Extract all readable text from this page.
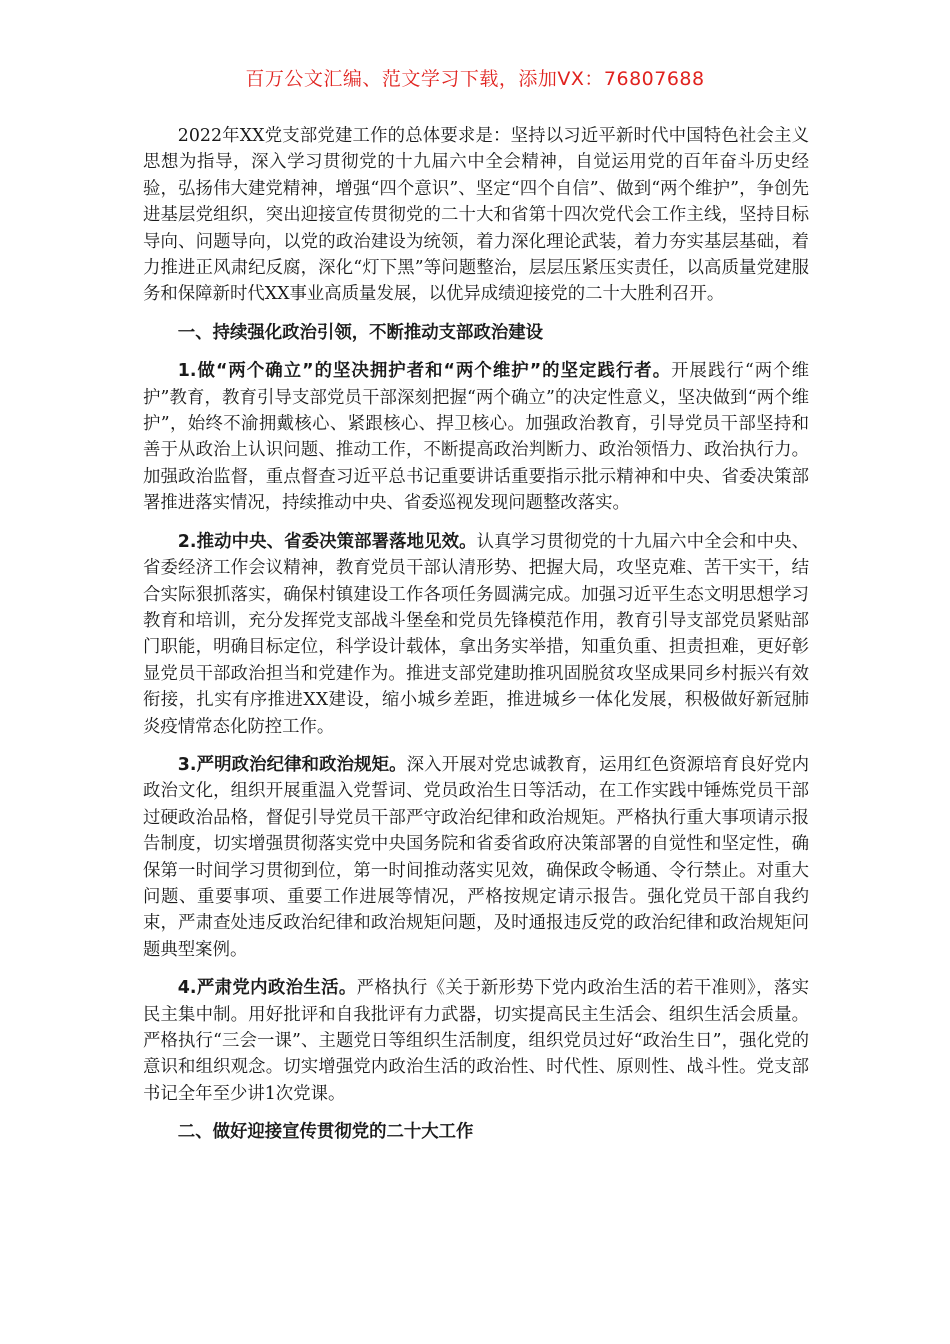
百万公文汇编、范文学习下载，添加VX：76807688

2022年XX党支部党建工作的总体要求是：坚持以习近平新时代中国特色社会主义思想为指导，深入学习贯彻党的十九届六中全会精神，自觉运用党的百年奋斗历史经验，弘扬伟大建党精神，增强“四个意识”、坚定“四个自信”、做到“两个维护”，争创先进基层党组织，突出迎接宣传贯彻党的二十大和省第十四次党代会工作主线，坚持目标导向、问题导向，以党的政治建设为统领，着力深化理论武装，着力夯实基层基础，着力推进正风肃纪反腐，深化“灯下黑”等问题整治，层层压紧压实责任，以高质量党建服务和保障新时代XX事业高质量发展，以优异成绩迎接党的二十大胜利召开。

一、持续强化政治引领，不断推动支部政治建设

1.做“两个确立”的坚决拥护者和“两个维护”的坚定践行者。开展践行“两个维护”教育，教育引导支部党员干部深刻把握“两个确立”的决定性意义，坚决做到“两个维护”，始终不渝拥戴核心、紧跟核心、捍卫核心。加强政治教育，引导党员干部坚持和善于从政治上认识问题、推动工作，不断提高政治判断力、政治领悟力、政治执行力。加强政治监督，重点督查习近平总书记重要讲话重要指示批示精神和中央、省委决策部署推进落实情况，持续推动中央、省委巡视发现问题整改落实。

2.推动中央、省委决策部署落地见效。认真学习贯彻党的十九届六中全会和中央、省委经济工作会议精神，教育党员干部认清形势、把握大局，攻坚克难、苦干实干，结合实际狠抓落实，确保村镇建设工作各项任务圆满完成。加强习近平生态文明思想学习教育和培训，充分发挥党支部战斗堡垒和党员先锋模范作用，教育引导支部党员紧贴部门职能，明确目标定位，科学设计载体，拿出务实举措，知重负重、担责担难，更好彰显党员干部政治担当和党建作为。推进支部党建助推巩固脱贫攻坚成果同乡村振兴有效衔接，扎实有序推进XX建设，缩小城乡差距，推进城乡一体化发展，积极做好新冠肺炎疫情常态化防控工作。

3.严明政治纪律和政治规矩。深入开展对党忠诚教育，运用红色资源培育良好党内政治文化，组织开展重温入党誓词、党员政治生日等活动，在工作实践中锤炼党员干部过硬政治品格，督促引导党员干部严守政治纪律和政治规矩。严格执行重大事项请示报告制度，切实增强贯彻落实党中央国务院和省委省政府决策部署的自觉性和坚定性，确保第一时间学习贯彻到位，第一时间推动落实见效，确保政令畅通、令行禁止。对重大问题、重要事项、重要工作进展等情况，严格按规定请示报告。强化党员干部自我约束，严肃查处违反政治纪律和政治规矩问题，及时通报违反党的政治纪律和政治规矩问题典型案例。

4.严肃党内政治生活。严格执行《关于新形势下党内政治生活的若干准则》，落实民主集中制。用好批评和自我批评有力武器，切实提高民主生活会、组织生活会质量。严格执行“三会一课”、主题党日等组织生活制度，组织党员过好“政治生日”，强化党的意识和组织观念。切实增强党内政治生活的政治性、时代性、原则性、战斗性。党支部书记全年至少讲1次党课。

二、做好迎接宣传贯彻党的二十大工作
